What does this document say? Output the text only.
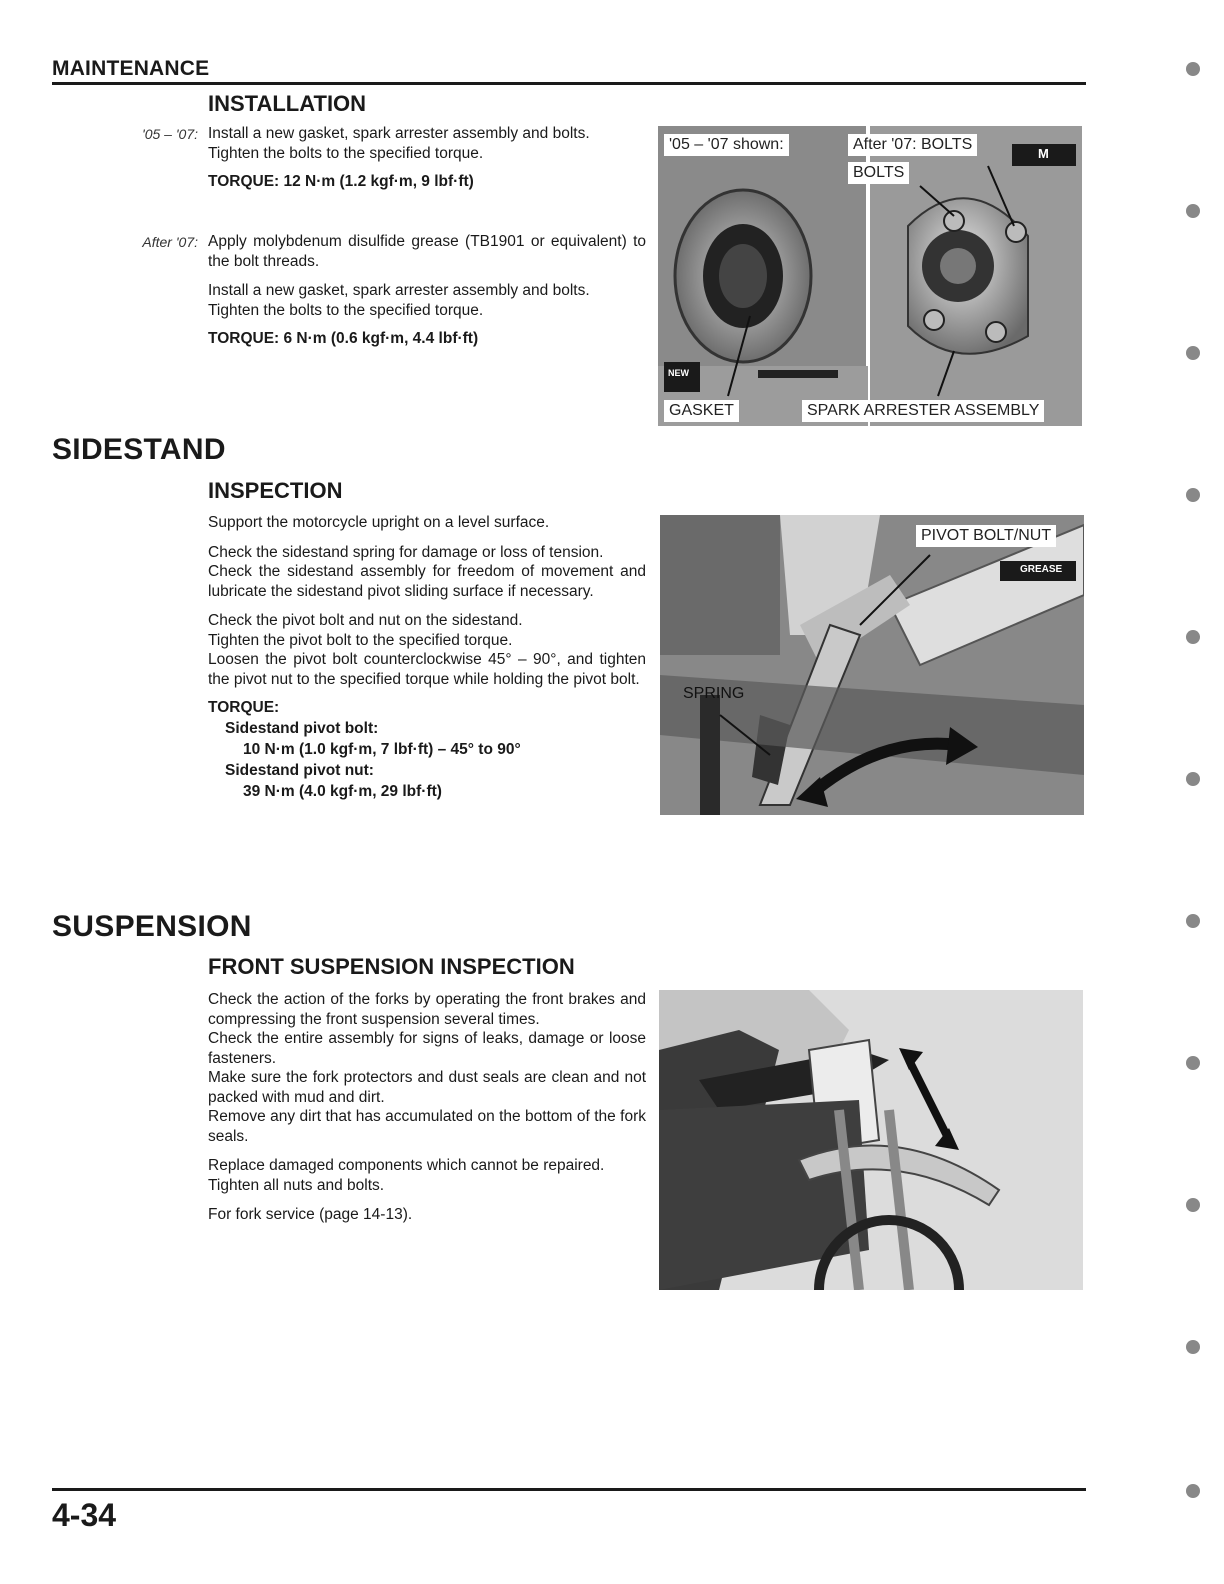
MAINTENANCE
INSTALLATION
'05 – '07: Install a new gasket, spark arrester assembly and bolts.

Tighten the bolts to the specified torque.

TORQUE: 12 N·m (1.2 kgf·m, 9 lbf·ft)
After '07: Apply molybdenum disulfide grease (TB1901 or equivalent) to the bolt threads.

Install a new gasket, spark arrester assembly and bolts.

Tighten the bolts to the specified torque.

TORQUE: 6 N·m (0.6 kgf·m, 4.4 lbf·ft)
'05 – '07 shown:	After '07: BOLTS
BOLTS
GASKET	SPARK ARRESTER ASSEMBLY
NEW
M
SIDESTAND
INSPECTION

Support the motorcycle upright on a level surface.

Check the sidestand spring for damage or loss of tension.

Check the sidestand assembly for freedom of movement and lubricate the sidestand pivot sliding surface if necessary.

Check the pivot bolt and nut on the sidestand.

Tighten the pivot bolt to the specified torque.

Loosen the pivot bolt counterclockwise 45° – 90°, and tighten the pivot nut to the specified torque while holding the pivot bolt.

TORQUE:
Sidestand pivot bolt:
10 N·m (1.0 kgf·m, 7 lbf·ft) – 45° to 90°
Sidestand pivot nut:
39 N·m (4.0 kgf·m, 29 lbf·ft)
PIVOT BOLT/NUT
SPRING
GREASE
SUSPENSION
FRONT SUSPENSION INSPECTION

Check the action of the forks by operating the front brakes and compressing the front suspension several times.

Check the entire assembly for signs of leaks, damage or loose fasteners.

Make sure the fork protectors and dust seals are clean and not packed with mud and dirt.

Remove any dirt that has accumulated on the bottom of the fork seals.

Replace damaged components which cannot be repaired.

Tighten all nuts and bolts.

For fork service (page 14-13).

4-34
